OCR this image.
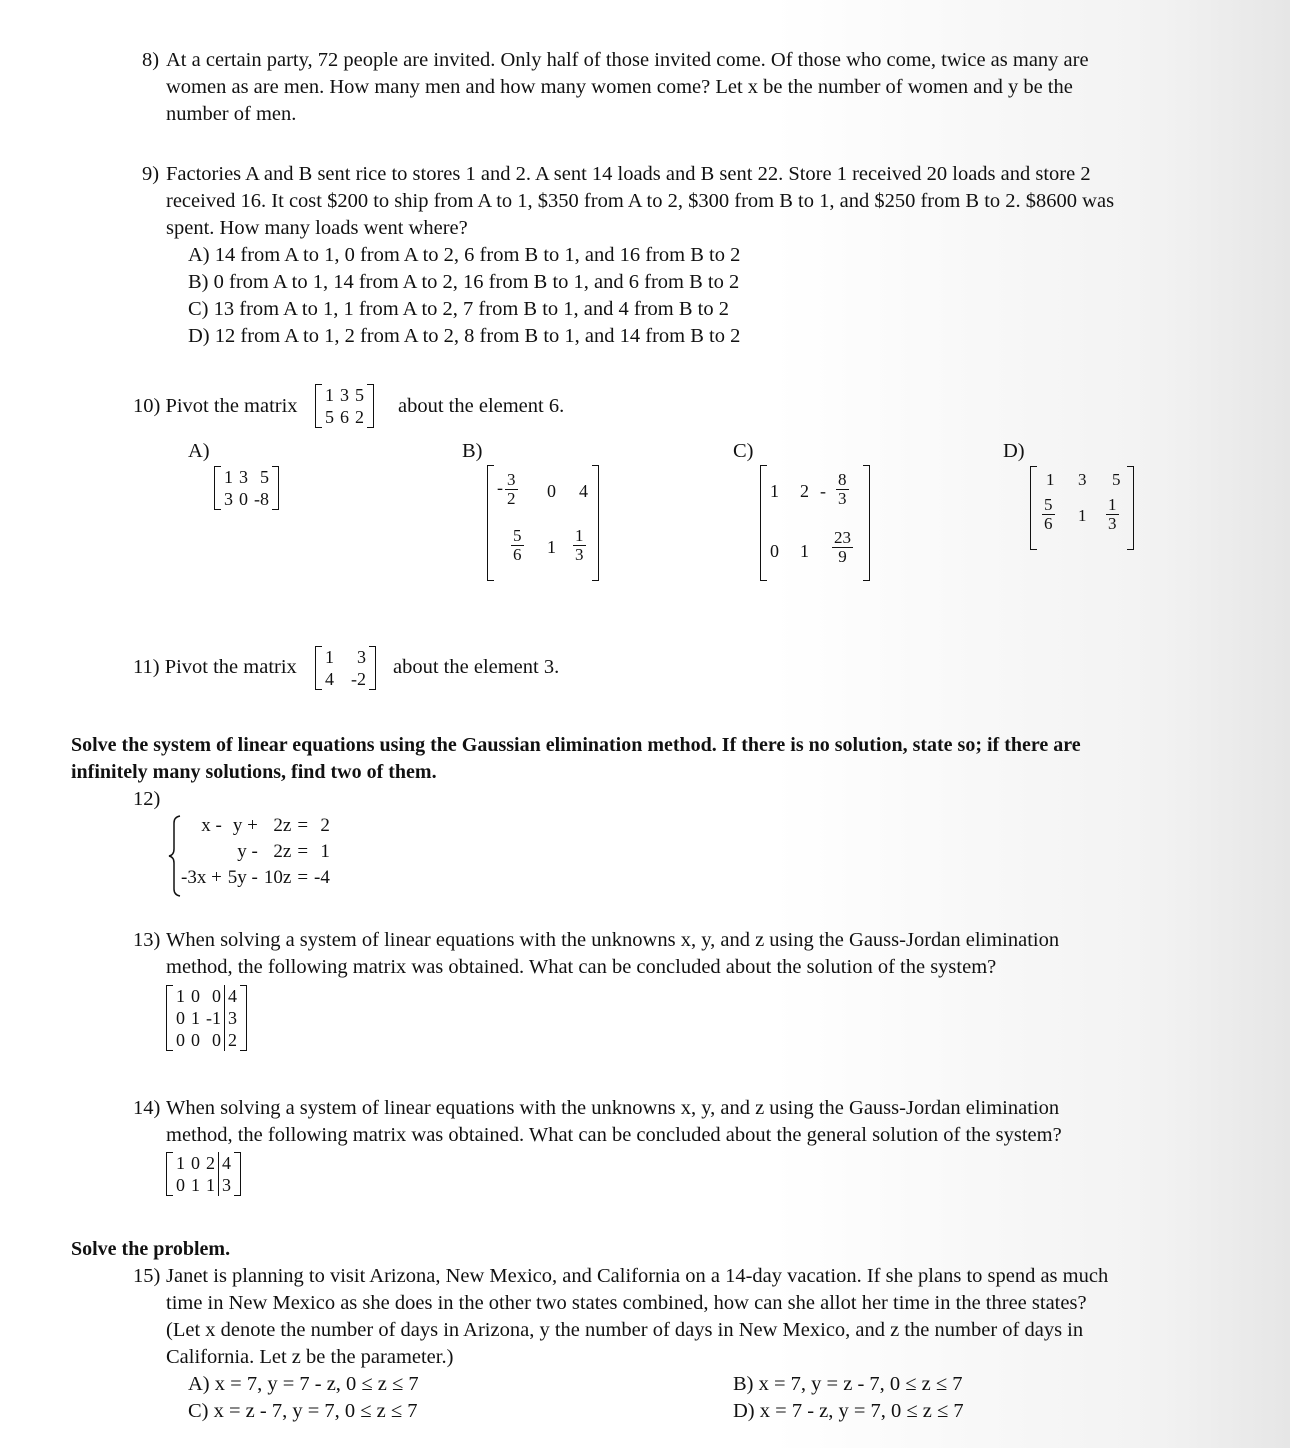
8) At a certain party, 72 people are invited. Only half of those invited come. Of those who come, twice as many are
women as are men. How many men and how many women come? Let x be the number of women and y be the
number of men.
9) Factories A and B sent rice to stores 1 and 2. A sent 14 loads and B sent 22. Store 1 received 20 loads and store 2
received 16. It cost $200 to ship from A to 1, $350 from A to 2, $300 from B to 1, and $250 from B to 2. $8600 was
spent. How many loads went where?
A) 14 from A to 1, 0 from A to 2, 6 from B to 1, and 16 from B to 2
B) 0 from A to 1, 14 from A to 2, 16 from B to 1, and 6 from B to 2
C) 13 from A to 1, 1 from A to 2, 7 from B to 1, and 4 from B to 2
D) 12 from A to 1, 2 from A to 2, 8 from B to 1, and 14 from B to 2
10) Pivot the matrix 1	3	5
5	6	2 about the element 6.
A)	B)	C)	D)
1	3	5
3	0	-8
- $\frac{3}{2} 0$ 4
$\frac{5}{6} 1 \frac{1}{3}$
1 $2 - \frac{8}{3}$
0 $1 \frac{23}{9}$
1 3 5
$\frac{5}{6} 1 \frac{1}{3}$
11) Pivot the matrix 1	3
4	-2
about the element 3.
Solve the system of linear equations using the Gaussian elimination method. If there is no solution, state so; if there are
infinitely many solutions, find two of them.
12)
x -	y +	2z	=	2
	y -	2z	=	1
-3x +	5y -	10z	=	-4
13) When solving a system of linear equations with the unknowns x, y, and z using the Gauss-Jordan elimination
method, the following matrix was obtained. What can be concluded about the solution of the system?
1	0	0	4
0	1	-1	3
0	0	0	2
14) When solving a system of linear equations with the unknowns x, y, and z using the Gauss-Jordan elimination
method, the following matrix was obtained. What can be concluded about the general solution of the system?
1	0	2	4
0	1	1	3
Solve the problem.
15) Janet is planning to visit Arizona, New Mexico, and California on a 14-day vacation. If she plans to spend as much
time in New Mexico as she does in the other two states combined, how can she allot her time in the three states?
(Let x denote the number of days in Arizona, y the number of days in New Mexico, and z the number of days in
California. Let z be the parameter.)
A) x = 7, y = 7 - z, 0 ≤ z ≤ 7	B) x = 7, y = z - 7, 0 ≤ z ≤ 7
C) x = z - 7, y = 7, 0 ≤ z ≤ 7	D) x = 7 - z, y = 7, 0 ≤ z ≤ 7
